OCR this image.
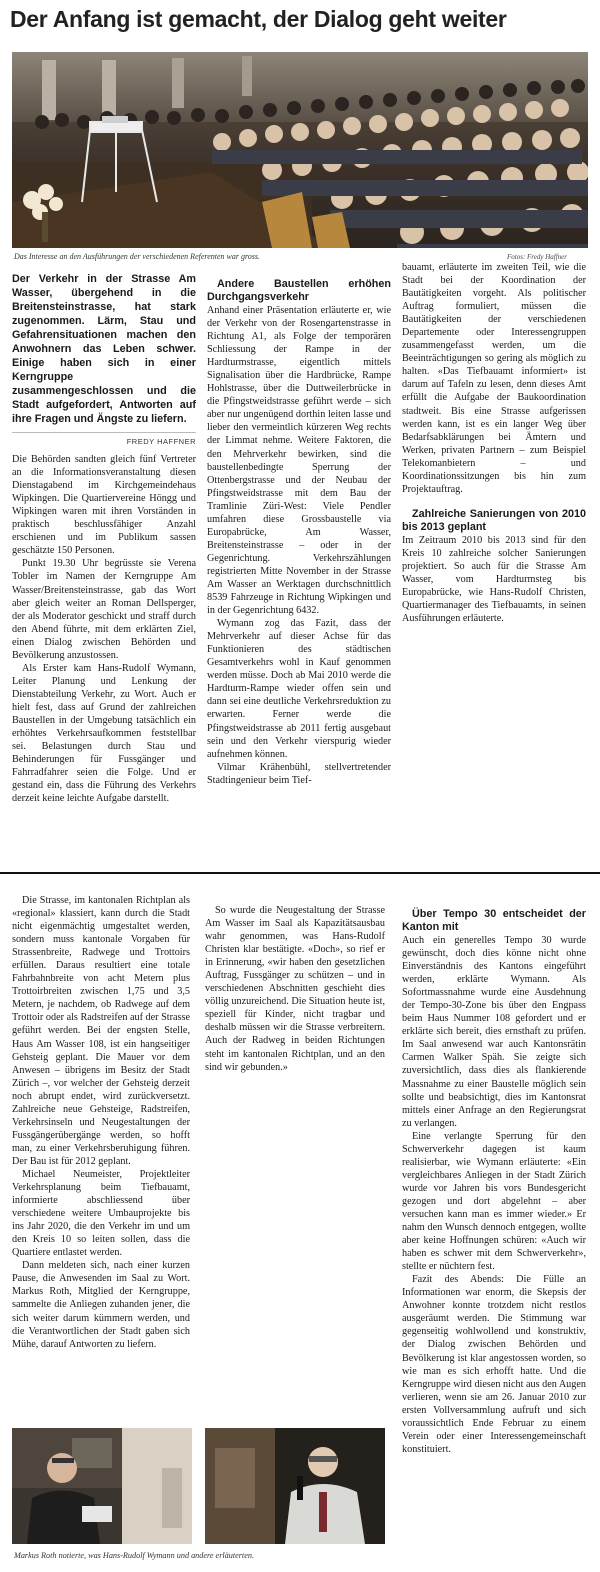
Der Anfang ist gemacht, der Dialog geht weiter
Das Interesse an den Ausführungen der verschiedenen Referenten war gross.	Fotos: Fredy Haffner

Der Verkehr in der Strasse Am Wasser, übergehend in die Breitensteinstrasse, hat stark zugenommen. Lärm, Stau und Gefahrensituationen machen den Anwohnern das Leben schwer. Einige haben sich in einer Kerngruppe zusammengeschlossen und die Stadt aufgefordert, Antworten auf ihre Fragen und Ängste zu liefern.

FREDY HAFFNER

Die Behörden sandten gleich fünf Vertreter an die Informationsveranstaltung diesen Dienstagabend im Kirchgemeindehaus Wipkingen. Die Quartiervereine Höngg und Wipkingen waren mit ihren Vorständen in praktisch beschlussfähiger Anzahl erschienen und im Publikum sassen geschätzte 150 Personen.

Punkt 19.30 Uhr begrüsste sie Verena Tobler im Namen der Kerngruppe Am Wasser/Breitensteinstrasse, gab das Wort aber gleich weiter an Roman Dellsperger, der als Moderator geschickt und straff durch den Abend führte, mit dem erklärten Ziel, einen Dialog zwischen Behörden und Bevölkerung anzustossen.

Als Erster kam Hans-Rudolf Wymann, Leiter Planung und Lenkung der Dienstabteilung Verkehr, zu Wort. Auch er hielt fest, dass auf Grund der zahlreichen Baustellen in der Umgebung tatsächlich ein erhöhtes Verkehrsaufkommen feststellbar sei. Belastungen durch Stau und Behinderungen für Fussgänger und Fahrradfahrer seien die Folge. Und er gestand ein, dass die Führung des Verkehrs derzeit keine leichte Aufgabe darstellt.

Andere Baustellen erhöhen Durchgangsverkehr

Anhand einer Präsentation erläuterte er, wie der Verkehr von der Rosengartenstrasse in Richtung A1, als Folge der temporären Schliessung der Rampe in der Hardturmstrasse, eigentlich mittels Signalisation über die Hardbrücke, Rampe Hohlstrasse, über die Duttweilerbrücke in die Pfingstweidstrasse geführt werde – sich aber nur ungenügend dorthin leiten lasse und lieber den vermeintlich kürzeren Weg rechts der Limmat nehme. Weitere Faktoren, die den Mehrverkehr bewirken, sind die baustellenbedingte Sperrung der Ottenbergstrasse und der Neubau der Pfingstweidstrasse mit dem Bau der Tramlinie Züri-West: Viele Pendler umfahren diese Grossbaustelle via Europabrücke, Am Wasser, Breitensteinstrasse – oder in der Gegenrichtung. Verkehrszählungen registrierten Mitte November in der Strasse Am Wasser an Werktagen durchschnittlich 8539 Fahrzeuge in Richtung Wipkingen und in der Gegenrichtung 6432.

Wymann zog das Fazit, dass der Mehrverkehr auf dieser Achse für das Funktionieren des städtischen Gesamtverkehrs wohl in Kauf genommen werden müsse. Doch ab Mai 2010 werde die Hardturm-Rampe wieder offen sein und dann sei eine deutliche Verkehrsreduktion zu erwarten. Ferner werde die Pfingstweidstrasse ab 2011 fertig ausgebaut sein und den Verkehr vierspurig wieder aufnehmen können.

Vilmar Krähenbühl, stellvertretender Stadtingenieur beim Tief-

bauamt, erläuterte im zweiten Teil, wie die Stadt bei der Koordination der Bautätigkeiten vorgeht. Als politischer Auftrag formuliert, müssen die Bautätigkeiten der verschiedenen Departemente oder Interessengruppen zusammengefasst werden, um die Beeinträchtigungen so gering als möglich zu halten. «Das Tiefbauamt informiert» ist darum auf Tafeln zu lesen, denn dieses Amt erfüllt die Aufgabe der Baukoordination stadtweit. Bis eine Strasse aufgerissen werden kann, ist es ein langer Weg über Bedarfsabklärungen bei Ämtern und Werken, privaten Partnern – zum Beispiel Telekomanbietern – und Koordinationssitzungen bis hin zum Projektauftrag.

Zahlreiche Sanierungen von 2010 bis 2013 geplant

Im Zeitraum 2010 bis 2013 sind für den Kreis 10 zahlreiche solcher Sanierungen projektiert. So auch für die Strasse Am Wasser, vom Hardturmsteg bis Europabrücke, wie Hans-Rudolf Christen, Quartiermanager des Tiefbauamts, in seinen Ausführungen erläuterte.

Die Strasse, im kantonalen Richtplan als «regional» klassiert, kann durch die Stadt nicht eigenmächtig umgestaltet werden, sondern muss kantonale Vorgaben für Strassenbreite, Radwege und Trottoirs erfüllen. Daraus resultiert eine totale Fahrbahnbreite von acht Metern plus Trottoirbreiten zwischen 1,75 und 3,5 Metern, je nachdem, ob Radwege auf dem Trottoir oder als Radstreifen auf der Strasse geführt werden. Bei der engsten Stelle, Haus Am Wasser 108, ist ein hangseitiger Gehsteig geplant. Die Mauer vor dem Anwesen – übrigens im Besitz der Stadt Zürich –, vor welcher der Gehsteig derzeit noch abrupt endet, wird zurückversetzt. Zahlreiche neue Gehsteige, Radstreifen, Verkehrsinseln und Neugestaltungen der Fussgängerübergänge werden, so hofft man, zu einer Verkehrsberuhigung führen. Der Bau ist für 2012 geplant.

Michael Neumeister, Projektleiter Verkehrsplanung beim Tiefbauamt, informierte abschliessend über verschiedene weitere Umbauprojekte bis ins Jahr 2020, die den Verkehr im und um den Kreis 10 so leiten sollen, dass die Quartiere entlastet werden.

Dann meldeten sich, nach einer kurzen Pause, die Anwesenden im Saal zu Wort. Markus Roth, Mitglied der Kerngruppe, sammelte die Anliegen zuhanden jener, die sich weiter darum kümmern werden, und die Verantwortlichen der Stadt gaben sich Mühe, darauf Antworten zu liefern.

So wurde die Neugestaltung der Strasse Am Wasser im Saal als Kapazitätsausbau wahr genommen, was Hans-Rudolf Christen klar bestätigte. «Doch», so rief er in Erinnerung, «wir haben den gesetzlichen Auftrag, Fussgänger zu schützen – und in verschiedenen Abschnitten geschieht dies völlig unzureichend. Die Situation heute ist, speziell für Kinder, nicht tragbar und deshalb müssen wir die Strasse verbreitern. Auch der Radweg in beiden Richtungen steht im kantonalen Richtplan, und an den sind wir gebunden.»

Über Tempo 30 entscheidet der Kanton mit

Auch ein generelles Tempo 30 wurde gewünscht, doch dies könne nicht ohne Einverständnis des Kantons eingeführt werden, erklärte Wymann. Als Sofortmassnahme wurde eine Ausdehnung der Tempo-30-Zone bis über den Engpass beim Haus Nummer 108 gefordert und er erklärte sich bereit, dies ernsthaft zu prüfen. Im Saal anwesend war auch Kantonsrätin Carmen Walker Späh. Sie zeigte sich zuversichtlich, dass dies als flankierende Massnahme zu einer Baustelle möglich sein sollte und beabsichtigt, dies im Kantonsrat mittels einer Anfrage an den Regierungsrat zu verlangen.

Eine verlangte Sperrung für den Schwerverkehr dagegen ist kaum realisierbar, wie Wymann erläuterte: «Ein vergleichbares Anliegen in der Stadt Zürich wurde vor Jahren bis vors Bundesgericht gezogen und dort abgelehnt – aber versuchen kann man es immer wieder.» Er nahm den Wunsch dennoch entgegen, wollte aber keine Hoffnungen schüren: «Auch wir haben es schwer mit dem Schwerverkehr», stellte er nüchtern fest.

Fazit des Abends: Die Fülle an Informationen war enorm, die Skepsis der Anwohner konnte trotzdem nicht restlos ausgeräumt werden. Die Stimmung war gegenseitig wohlwollend und konstruktiv, der Dialog zwischen Behörden und Bevölkerung ist klar angestossen worden, so wie man es sich erhofft hatte. Und die Kerngruppe wird diesen nicht aus den Augen verlieren, wenn sie am 26. Januar 2010 zur ersten Vollversammlung aufruft und sich voraussichtlich Ende Februar zu einem Verein oder einer Interessengemeinschaft konstituiert.

Markus Roth notierte, was Hans-Rudolf Wymann und andere erläuterten.
